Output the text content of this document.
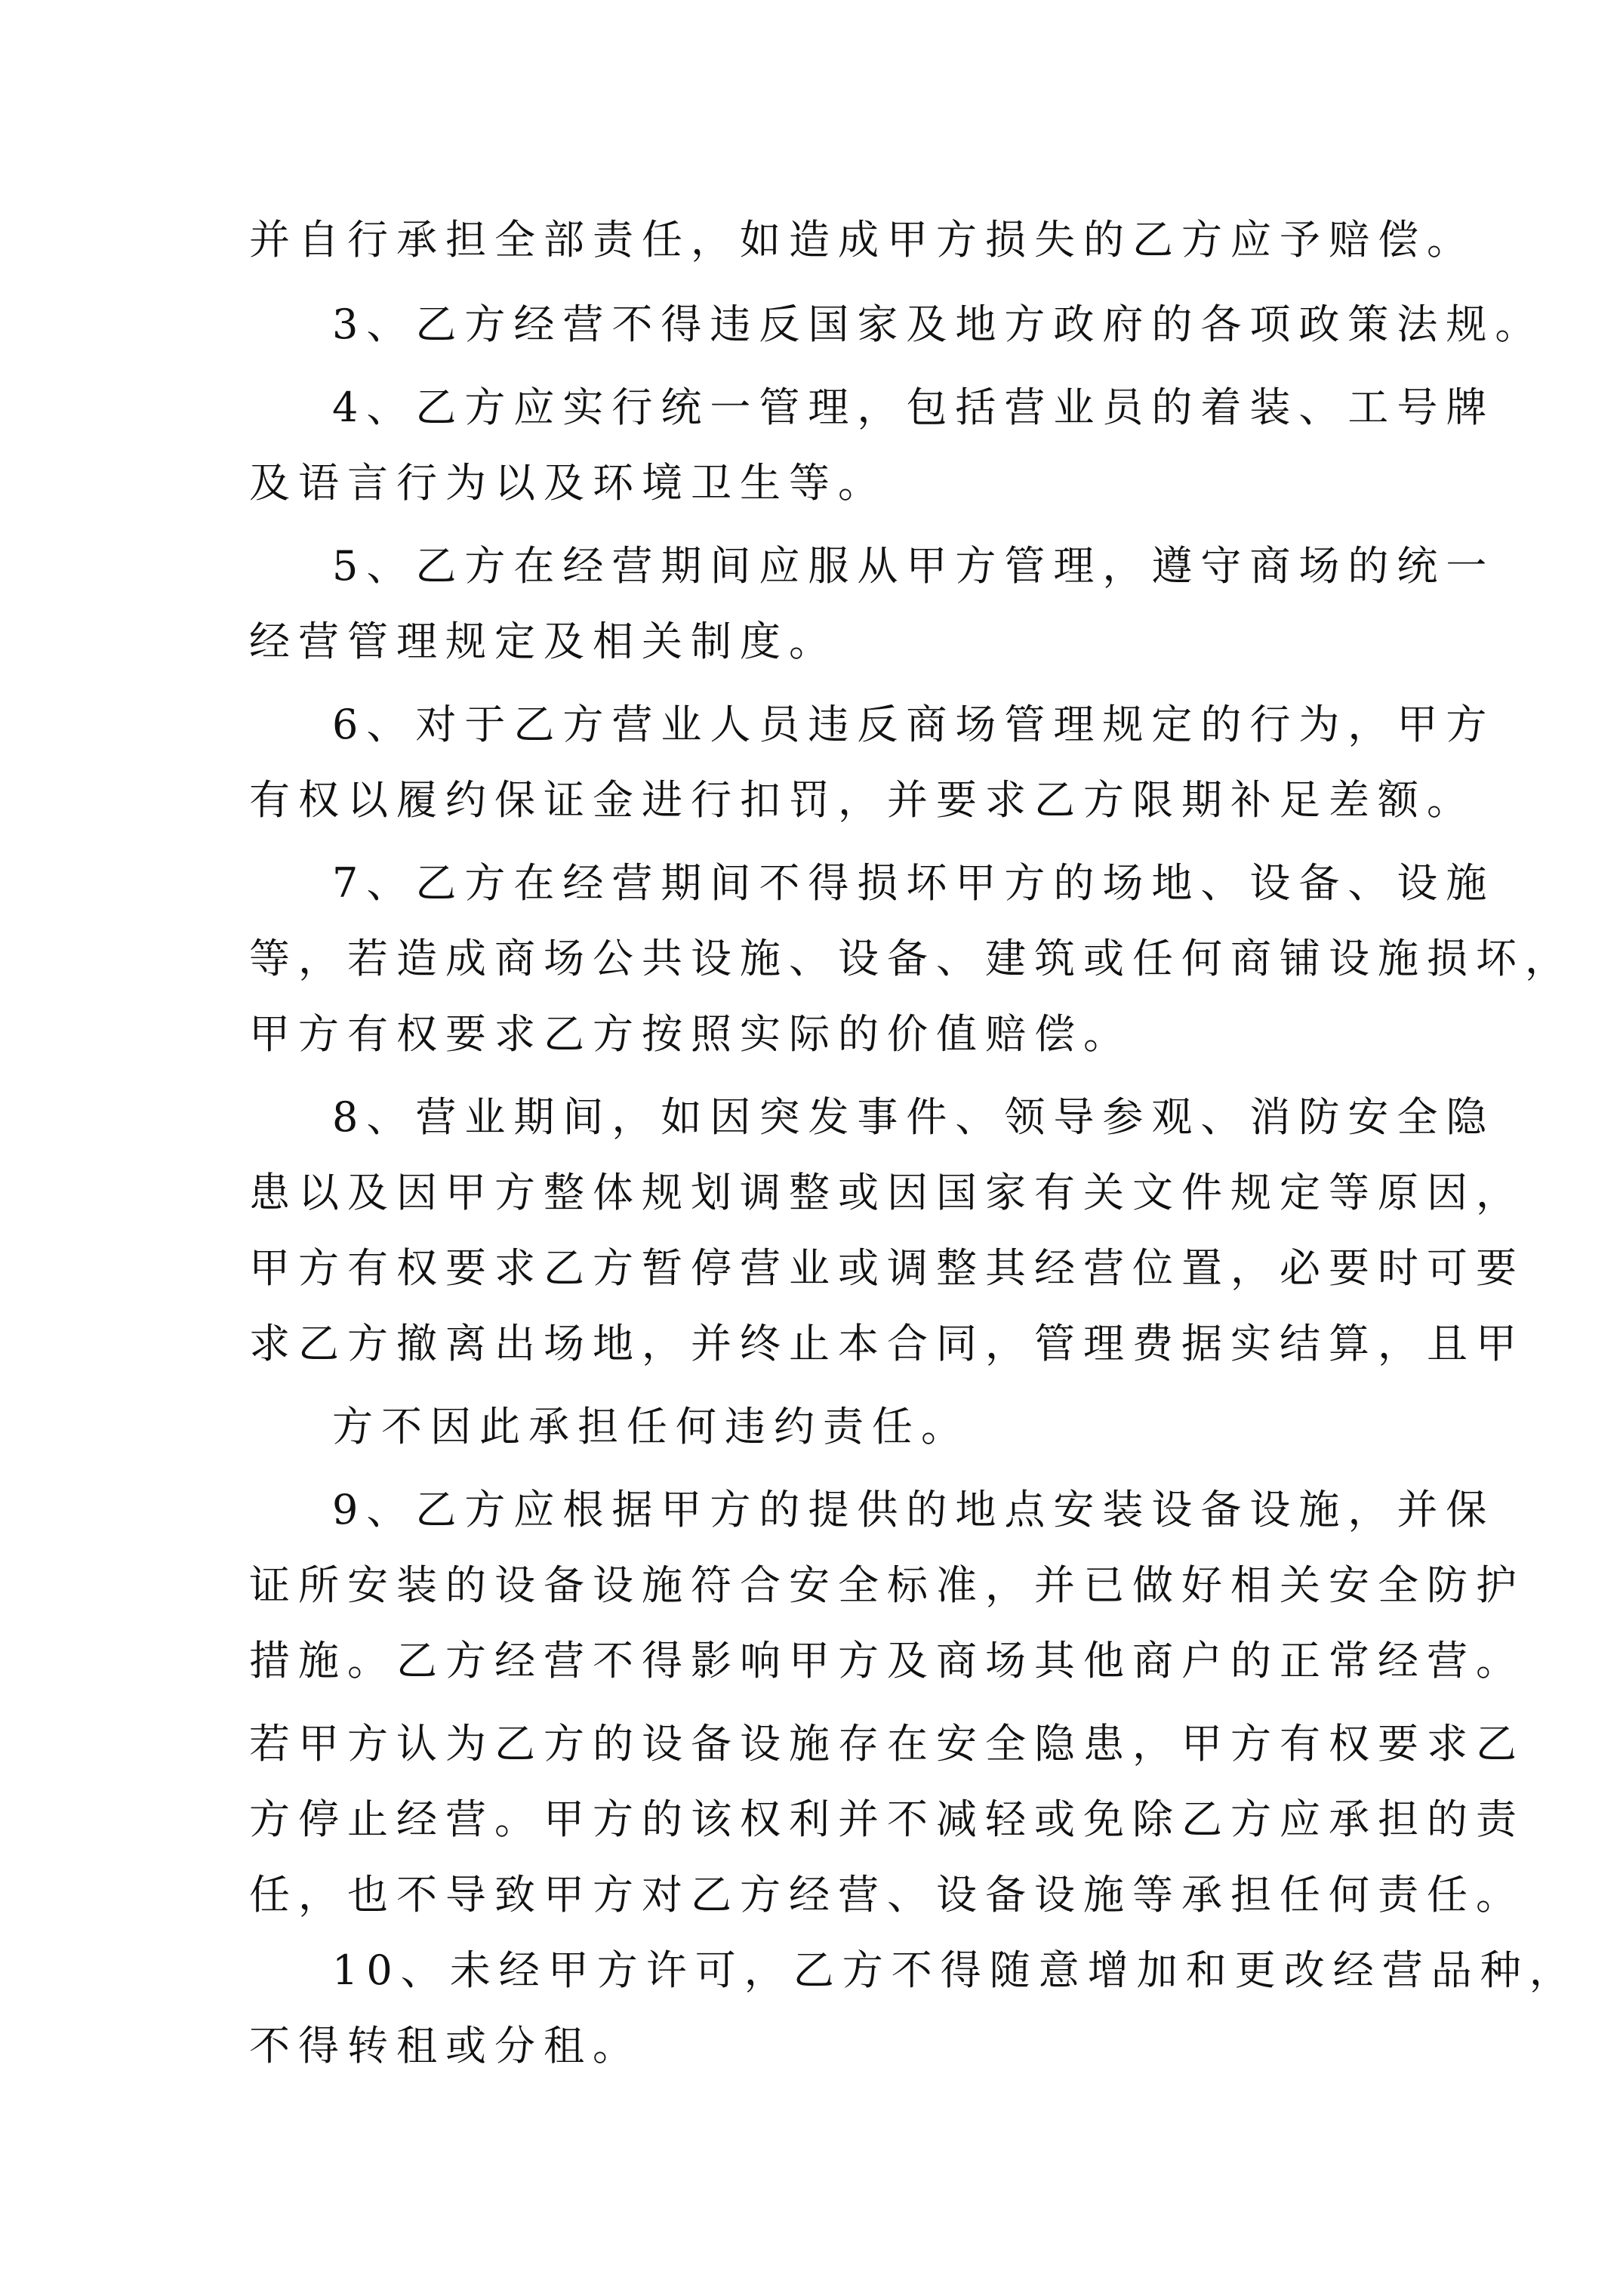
并自行承担全部责任，如造成甲方损失的乙方应予赔偿。
3、乙方经营不得违反国家及地方政府的各项政策法规。
4、乙方应实行统一管理，包括营业员的着装、工号牌
及语言行为以及环境卫生等。
5、乙方在经营期间应服从甲方管理，遵守商场的统一
经营管理规定及相关制度。
6、对于乙方营业人员违反商场管理规定的行为，甲方
有权以履约保证金进行扣罚，并要求乙方限期补足差额。
7、乙方在经营期间不得损坏甲方的场地、设备、设施
等，若造成商场公共设施、设备、建筑或任何商铺设施损坏，
甲方有权要求乙方按照实际的价值赔偿。
8、营业期间，如因突发事件、领导参观、消防安全隐
患以及因甲方整体规划调整或因国家有关文件规定等原因，
甲方有权要求乙方暂停营业或调整其经营位置，必要时可要
求乙方撤离出场地，并终止本合同，管理费据实结算，且甲
方不因此承担任何违约责任。
9、乙方应根据甲方的提供的地点安装设备设施，并保
证所安装的设备设施符合安全标准，并已做好相关安全防护
措施。乙方经营不得影响甲方及商场其他商户的正常经营。
若甲方认为乙方的设备设施存在安全隐患，甲方有权要求乙
方停止经营。甲方的该权利并不减轻或免除乙方应承担的责
任，也不导致甲方对乙方经营、设备设施等承担任何责任。
10、未经甲方许可，乙方不得随意增加和更改经营品种，
不得转租或分租。
